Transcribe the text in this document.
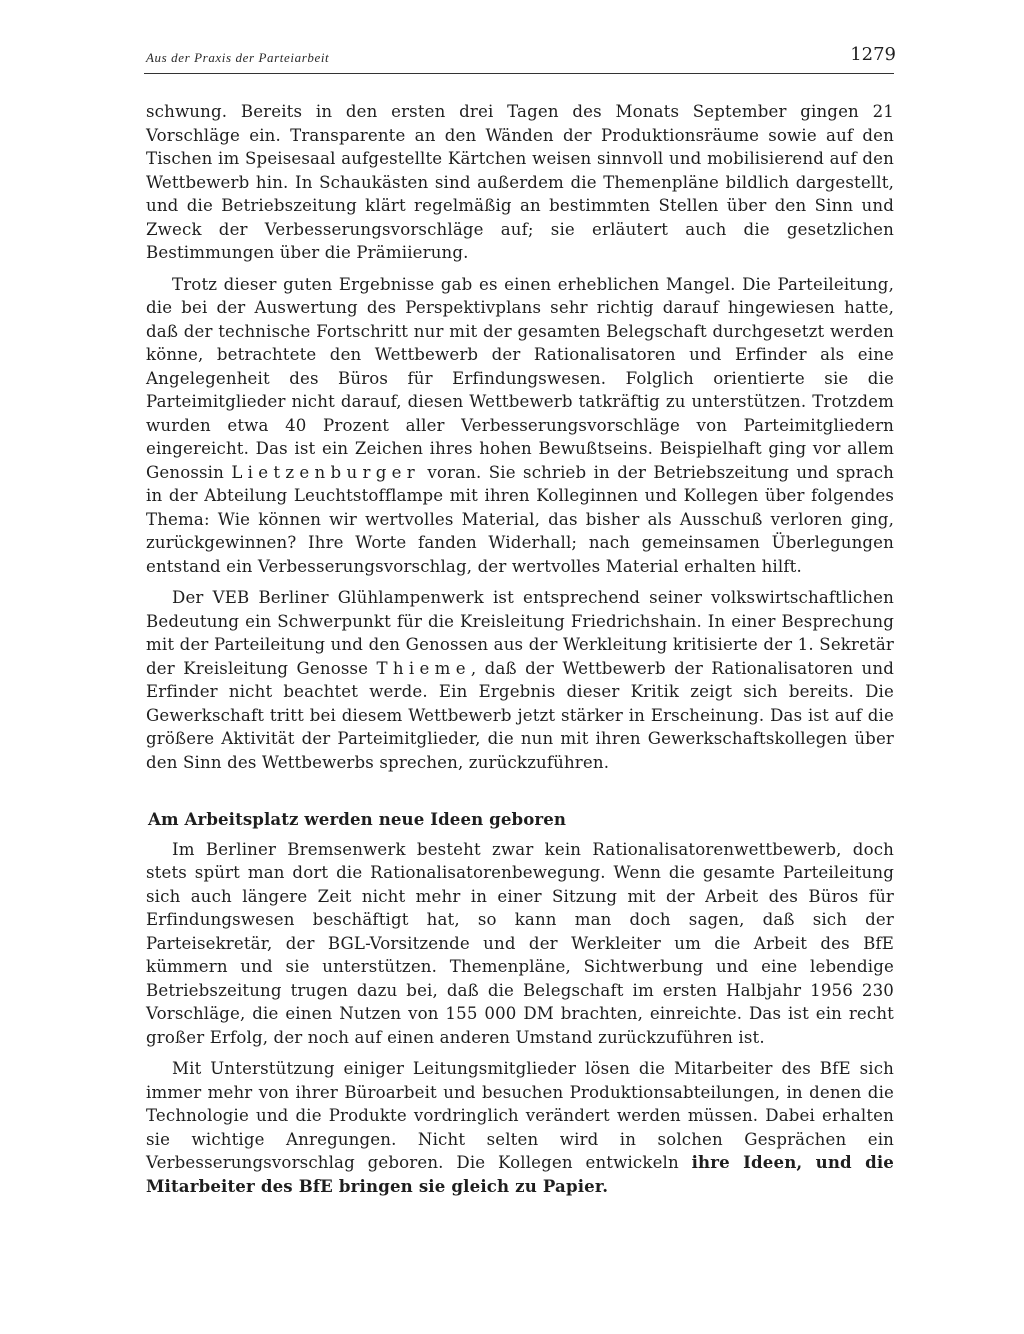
Aus der Praxis der Parteiarbeit	1279

schwung. Bereits in den ersten drei Tagen des Monats September gingen 21 Vorschläge ein. Transparente an den Wänden der Produktionsräume sowie auf den Tischen im Speisesaal aufgestellte Kärtchen weisen sinnvoll und mobilisierend auf den Wettbewerb hin. In Schaukästen sind außerdem die Themenpläne bildlich dargestellt, und die Betriebszeitung klärt regelmäßig an bestimmten Stellen über den Sinn und Zweck der Verbesserungsvorschläge auf; sie erläutert auch die gesetzlichen Bestimmungen über die Prämiierung.

Trotz dieser guten Ergebnisse gab es einen erheblichen Mangel. Die Parteileitung, die bei der Auswertung des Perspektivplans sehr richtig darauf hingewiesen hatte, daß der technische Fortschritt nur mit der gesamten Belegschaft durchgesetzt werden könne, betrachtete den Wettbewerb der Rationalisatoren und Erfinder als eine Angelegenheit des Büros für Erfindungswesen. Folglich orientierte sie die Parteimitglieder nicht darauf, diesen Wettbewerb tatkräftig zu unterstützen. Trotzdem wurden etwa 40 Prozent aller Verbesserungsvorschläge von Parteimitgliedern eingereicht. Das ist ein Zeichen ihres hohen Bewußtseins. Beispielhaft ging vor allem Genossin Lietzenburger voran. Sie schrieb in der Betriebszeitung und sprach in der Abteilung Leuchtstofflampe mit ihren Kolleginnen und Kollegen über folgendes Thema: Wie können wir wertvolles Material, das bisher als Ausschuß verloren ging, zurückgewinnen? Ihre Worte fanden Widerhall; nach gemeinsamen Überlegungen entstand ein Verbesserungsvorschlag, der wertvolles Material erhalten hilft.

Der VEB Berliner Glühlampenwerk ist entsprechend seiner volkswirtschaftlichen Bedeutung ein Schwerpunkt für die Kreisleitung Friedrichshain. In einer Besprechung mit der Parteileitung und den Genossen aus der Werkleitung kritisierte der 1. Sekretär der Kreisleitung Genosse Thieme, daß der Wettbewerb der Rationalisatoren und Erfinder nicht beachtet werde. Ein Ergebnis dieser Kritik zeigt sich bereits. Die Gewerkschaft tritt bei diesem Wettbewerb jetzt stärker in Erscheinung. Das ist auf die größere Aktivität der Parteimitglieder, die nun mit ihren Gewerkschaftskollegen über den Sinn des Wettbewerbs sprechen, zurückzuführen.

Am Arbeitsplatz werden neue Ideen geboren

Im Berliner Bremsenwerk besteht zwar kein Rationalisatorenwettbewerb, doch stets spürt man dort die Rationalisatorenbewegung. Wenn die gesamte Parteileitung sich auch längere Zeit nicht mehr in einer Sitzung mit der Arbeit des Büros für Erfindungswesen beschäftigt hat, so kann man doch sagen, daß sich der Parteisekretär, der BGL-Vorsitzende und der Werkleiter um die Arbeit des BfE kümmern und sie unterstützen. Themenpläne, Sichtwerbung und eine lebendige Betriebszeitung trugen dazu bei, daß die Belegschaft im ersten Halbjahr 1956 230 Vorschläge, die einen Nutzen von 155 000 DM brachten, einreichte. Das ist ein recht großer Erfolg, der noch auf einen anderen Umstand zurückzuführen ist.

Mit Unterstützung einiger Leitungsmitglieder lösen die Mitarbeiter des BfE sich immer mehr von ihrer Büroarbeit und besuchen Produktionsabteilungen, in denen die Technologie und die Produkte vordringlich verändert werden müssen. Dabei erhalten sie wichtige Anregungen. Nicht selten wird in solchen Gesprächen ein Verbesserungsvorschlag geboren. Die Kollegen entwickeln ihre Ideen, und die Mitarbeiter des BfE bringen sie gleich zu Papier.
